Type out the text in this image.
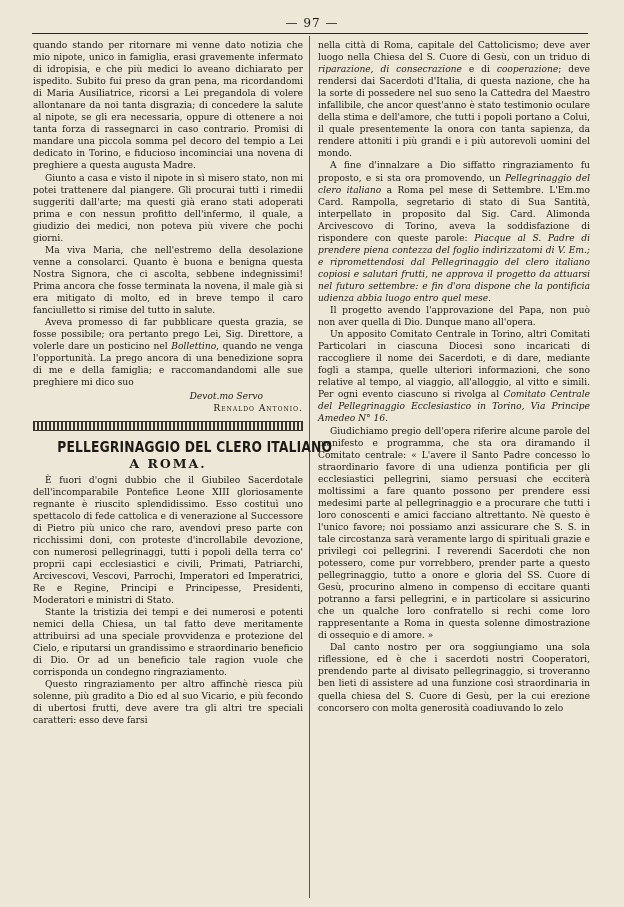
— 97 —

quando stando per ritornare mi venne dato notizia che mio nipote, unico in famiglia, erasi gravemente infermato di idropisia, e che più medici lo aveano dichiarato per ispedito. Subito fui preso da gran pena, ma ricordandomi di Maria Ausiliatrice, ricorsi a Lei pregandola di volere allontanare da noi tanta disgrazia; di concedere la salute al nipote, se gli era necessaria, oppure di ottenere a noi tanta forza di rassegnarci in caso contrario. Promisi di mandare una piccola somma pel decoro del tempio a Lei dedicato in Torino, e fiducioso incominciai una novena di preghiere a questa augusta Madre.

Giunto a casa e visto il nipote in sì misero stato, non mi potei trattenere dal piangere. Gli procurai tutti i rimedii suggeriti dall'arte; ma questi già erano stati adoperati prima e con nessun profitto dell'infermo, il quale, a giudizio dei medici, non poteva più vivere che pochi giorni.

Ma viva Maria, che nell'estremo della desolazione venne a consolarci. Quanto è buona e benigna questa Nostra Signora, che ci ascolta, sebbene indegnissimi! Prima ancora che fosse terminata la novena, il male già si era mitigato di molto, ed in breve tempo il caro fanciulletto si rimise del tutto in salute.

Aveva promesso di far pubblicare questa grazia, se fosse possibile; ora pertanto prego Lei, Sig. Direttore, a volerle dare un posticino nel Bollettino, quando ne venga l'opportunità. La prego ancora di una benedizione sopra di me e della famiglia; e raccomandandomi alle sue preghiere mi dico suo

Devot.mo Servo
Renaldo Antonio.
PELLEGRINAGGIO DEL CLERO ITALIANO
A ROMA.

È fuori d'ogni dubbio che il Giubileo Sacerdotale dell'incomparabile Pontefice Leone XIII gloriosamente regnante è riuscito splendidissimo. Esso costituì uno spettacolo di fede cattolica e di venerazione al Successore di Pietro più unico che raro, avendovi preso parte con ricchissimi doni, con proteste d'incrollabile devozione, con numerosi pellegrinaggi, tutti i popoli della terra co' proprii capi ecclesiastici e civili, Primati, Patriarchi, Arcivescovi, Vescovi, Parrochi, Imperatori ed Imperatrici, Re e Regine, Principi e Principesse, Presidenti, Moderatori e ministri di Stato.

Stante la tristizia dei tempi e dei numerosi e potenti nemici della Chiesa, un tal fatto deve meritamente attribuirsi ad una speciale provvidenza e protezione del Cielo, e riputarsi un grandissimo e straordinario beneficio di Dio. Or ad un beneficio tale ragion vuole che corrisponda un condegno ringraziamento.

Questo ringraziamento per altro affinchè riesca più solenne, più gradito a Dio ed al suo Vicario, e più fecondo di ubertosi frutti, deve avere tra gli altri tre speciali caratteri: esso deve farsi

nella città di Roma, capitale del Cattolicismo; deve aver luogo nella Chiesa del S. Cuore di Gesù, con un triduo di riparazione, di consecrazione e di cooperazione; deve rendersi dai Sacerdoti d'Italia, di questa nazione, che ha la sorte di possedere nel suo seno la Cattedra del Maestro infallibile, che ancor quest'anno è stato testimonio oculare della stima e dell'amore, che tutti i popoli portano a Colui, il quale presentemente la onora con tanta sapienza, da rendere attoniti i più grandi e i più autorevoli uomini del mondo.

A fine d'innalzare a Dio siffatto ringraziamento fu proposto, e si sta ora promovendo, un Pellegrinaggio del clero italiano a Roma pel mese di Settembre. L'Em.mo Card. Rampolla, segretario di stato di Sua Santità, interpellato in proposito dal Sig. Card. Alimonda Arcivescovo di Torino, aveva la soddisfazione di rispondere con queste parole: Piacque al S. Padre di prendere piena contezza del foglio indirizzatomi di V. Em.; e ripromettendosi dal Pellegrinaggio del clero italiano copiosi e salutari frutti, ne approva il progetto da attuarsi nel futuro settembre: e fin d'ora dispone che la pontificia udienza abbia luogo entro quel mese.

Il progetto avendo l'approvazione del Papa, non può non aver quella di Dio. Dunque mano all'opera.

Un apposito Comitato Centrale in Torino, altri Comitati Particolari in ciascuna Diocesi sono incaricati di raccogliere il nome dei Sacerdoti, e di dare, mediante fogli a stampa, quelle ulteriori informazioni, che sono relative al tempo, al viaggio, all'alloggio, al vitto e simili. Per ogni evento ciascuno si rivolga al Comitato Centrale del Pellegrinaggio Ecclesiastico in Torino, Via Principe Amedeo N° 16.

Giudichiamo pregio dell'opera riferire alcune parole del manifesto e programma, che sta ora diramando il Comitato centrale: « L'avere il Santo Padre concesso lo straordinario favore di una udienza pontificia per gli ecclesiastici pellegrini, siamo persuasi che ecciterà moltissimi a fare quanto possono per prendere essi medesimi parte al pellegrinaggio e a procurare che tutti i loro conoscenti e amici facciano altrettanto. Nè questo è l'unico favore; noi possiamo anzi assicurare che S. S. in tale circostanza sarà veramente largo di spirituali grazie e privilegi coi pellegrini. I reverendi Sacerdoti che non potessero, come pur vorrebbero, prender parte a questo pellegrinaggio, tutto a onore e gloria del SS. Cuore di Gesù, procurino almeno in compenso di eccitare quanti potranno a farsi pellegrini, e in particolare si assicurino che un qualche loro confratello si rechi come loro rappresentante a Roma in questa solenne dimostrazione di ossequio e di amore. »

Dal canto nostro per ora soggiungiamo una sola riflessione, ed è che i sacerdoti nostri Cooperatori, prendendo parte al divisato pellegrinaggio, si troveranno ben lieti di assistere ad una funzione così straordinaria in quella chiesa del S. Cuore di Gesù, per la cui erezione concorsero con molta generosità coadiuvando lo zelo
